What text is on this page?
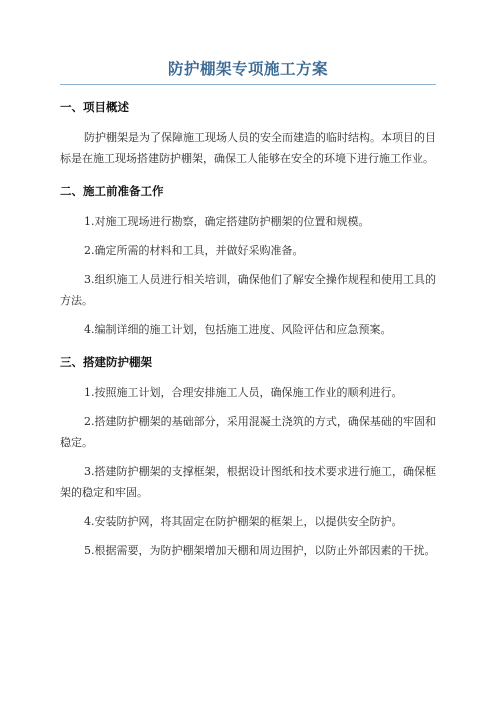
防护棚架专项施工方案
一、项目概述

防护棚架是为了保障施工现场人员的安全而建造的临时结构。本项目的目标是在施工现场搭建防护棚架，确保工人能够在安全的环境下进行施工作业。

二、施工前准备工作

1.对施工现场进行勘察，确定搭建防护棚架的位置和规模。

2.确定所需的材料和工具，并做好采购准备。

3.组织施工人员进行相关培训，确保他们了解安全操作规程和使用工具的方法。

4.编制详细的施工计划，包括施工进度、风险评估和应急预案。

三、搭建防护棚架

1.按照施工计划，合理安排施工人员，确保施工作业的顺利进行。

2.搭建防护棚架的基础部分，采用混凝土浇筑的方式，确保基础的牢固和稳定。

3.搭建防护棚架的支撑框架，根据设计图纸和技术要求进行施工，确保框架的稳定和牢固。

4.安装防护网，将其固定在防护棚架的框架上，以提供安全防护。

5.根据需要，为防护棚架增加天棚和周边围护，以防止外部因素的干扰。
